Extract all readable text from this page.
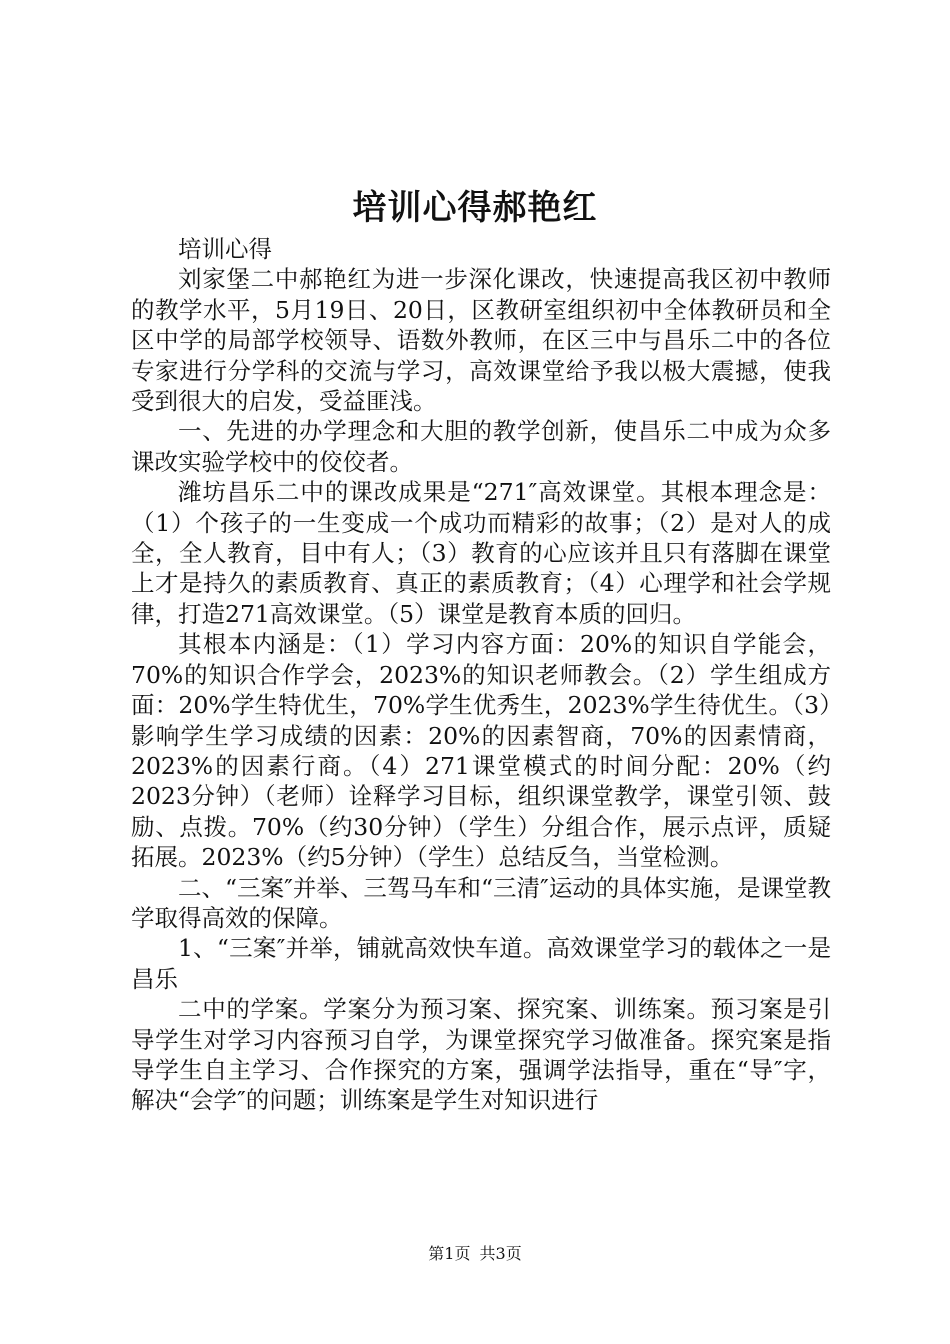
培训心得郝艳红

培训心得

刘家堡二中郝艳红为进一步深化课改，快速提高我区初中教师的教学水平，5月19日、20日，区教研室组织初中全体教研员和全区中学的局部学校领导、语数外教师，在区三中与昌乐二中的各位专家进行分学科的交流与学习，高效课堂给予我以极大震撼，使我受到很大的启发，受益匪浅。

一、先进的办学理念和大胆的教学创新，使昌乐二中成为众多课改实验学校中的佼佼者。

潍坊昌乐二中的课改成果是“271″高效课堂。其根本理念是：（1）个孩子的一生变成一个成功而精彩的故事；（2）是对人的成全，全人教育，目中有人；（3）教育的心应该并且只有落脚在课堂上才是持久的素质教育、真正的素质教育；（4）心理学和社会学规律，打造271高效课堂。（5）课堂是教育本质的回归。

其根本内涵是：（1）学习内容方面：20%的知识自学能会，70%的知识合作学会，2023%的知识老师教会。（2）学生组成方面：20%学生特优生，70%学生优秀生，2023%学生待优生。（3）影响学生学习成绩的因素：20%的因素智商，70%的因素情商，2023%的因素行商。（4）271课堂模式的时间分配：20%（约2023分钟）（老师）诠释学习目标，组织课堂教学，课堂引领、鼓励、点拨。70%（约30分钟）（学生）分组合作，展示点评，质疑拓展。2023%（约5分钟）（学生）总结反刍，当堂检测。

二、“三案″并举、三驾马车和“三清″运动的具体实施，是课堂教学取得高效的保障。

1、“三案″并举，铺就高效快车道。高效课堂学习的载体之一是昌乐

二中的学案。学案分为预习案、探究案、训练案。预习案是引导学生对学习内容预习自学，为课堂探究学习做准备。探究案是指导学生自主学习、合作探究的方案，强调学法指导，重在“导″字，解决“会学″的问题；训练案是学生对知识进行

第1页 共3页
